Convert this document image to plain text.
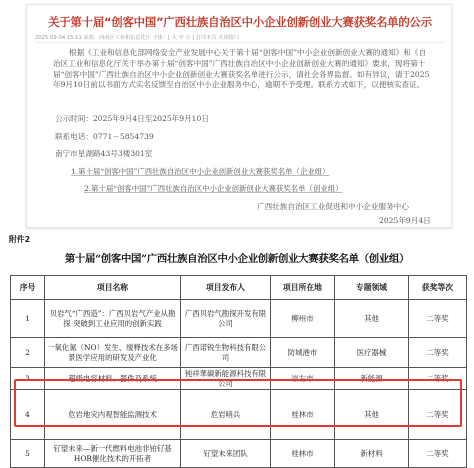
关于第十届“创客中国”广西壮族自治区中小企业创新创业大赛获奖名单的公示
2025-09-04 15:11 来源：西南区工业和信息化厅 字体：[ 大 中 小 ] 打印本页 关闭窗口
根据《工业和信息化部网络安全产业发展中心关于第十届“创客中国”中小企业创新创业大赛的通知》和《自治区工业和信息化厅关于举办第十届“创客中国”广西壮族自治区中小企业创新创业大赛的通知》要求，现将第十届“创客中国”广西壮族自治区中小企业创新创业大赛获奖名单进行公示，请社会各界监督。如有异议，请于2025年9月10日前以书面方式实名反馈至自治区中小企业服务中心，逾期不予受理。联系方式如下，以便核实查证。
公示时间：2025年9月4日至2025年9月10日
联系电话：0771－5854739
南宁市星湖路43号3楼301室
1.第十届“创客中国”广西壮族自治区中小企业创新创业大赛获奖名单（企业组）
2.第十届“创客中国”广西壮族自治区中小企业创新创业大赛获奖名单（创业组）
广西壮族自治区工业促进和中小企业服务中心
2025年9月4日
附件2
第十届“创客中国”广西壮族自治区中小企业创新创业大赛获奖名单（创业组）
序号	项目名称	项目发布人	项目所在地	专题领域	获奖等次
1	贝岩气“广西造”：广西贝岩气产业从勘探 突破到工业应用的创新实践	广西贝岩气勘探开发有限公司	柳州市	其他	二等奖
2	一氧化氮（NO）发生、缓释技术在多场景医学应用的研发及产业化	广西诺锐生物科技有限公司	防城港市	医疗器械	二等奖
3	超级电容材料、器件及系统	钝祥華碳新能源科技有限公司	崇左市	新能源	二等奖
4	危岩地灾内观智能监测技术	危岩哨兵	桂林市	其他	二等奖
5	钌望未来—新一代燃料电池非铂钌基HOR催化技术的开拓者	钌望未来团队	桂林市	新材料	二等奖
